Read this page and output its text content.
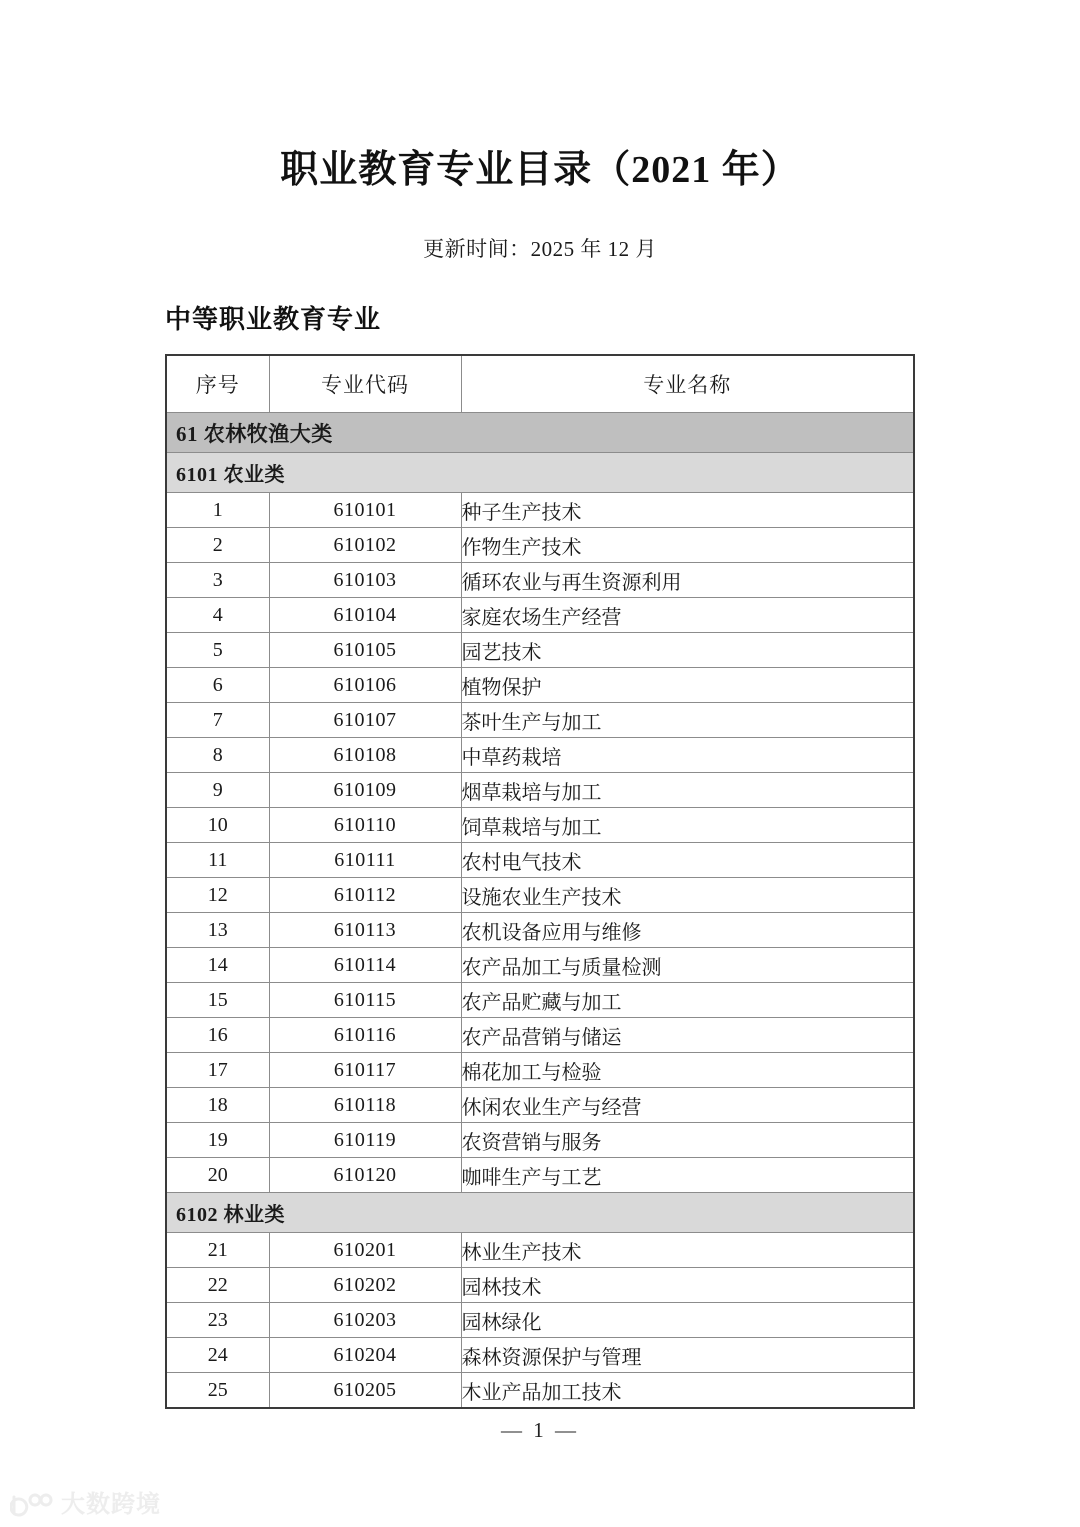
职业教育专业目录（2021 年）

更新时间：2025 年 12 月

中等职业教育专业
序号	专业代码	专业名称
61 农林牧渔大类		
6101 农业类		
1	610101	种子生产技术
2	610102	作物生产技术
3	610103	循环农业与再生资源利用
4	610104	家庭农场生产经营
5	610105	园艺技术
6	610106	植物保护
7	610107	茶叶生产与加工
8	610108	中草药栽培
9	610109	烟草栽培与加工
10	610110	饲草栽培与加工
11	610111	农村电气技术
12	610112	设施农业生产技术
13	610113	农机设备应用与维修
14	610114	农产品加工与质量检测
15	610115	农产品贮藏与加工
16	610116	农产品营销与储运
17	610117	棉花加工与检验
18	610118	休闲农业生产与经营
19	610119	农资营销与服务
20	610120	咖啡生产与工艺
6102 林业类		
21	610201	林业生产技术
22	610202	园林技术
23	610203	园林绿化
24	610204	森林资源保护与管理
25	610205	木业产品加工技术
— 1 —
大数跨境
